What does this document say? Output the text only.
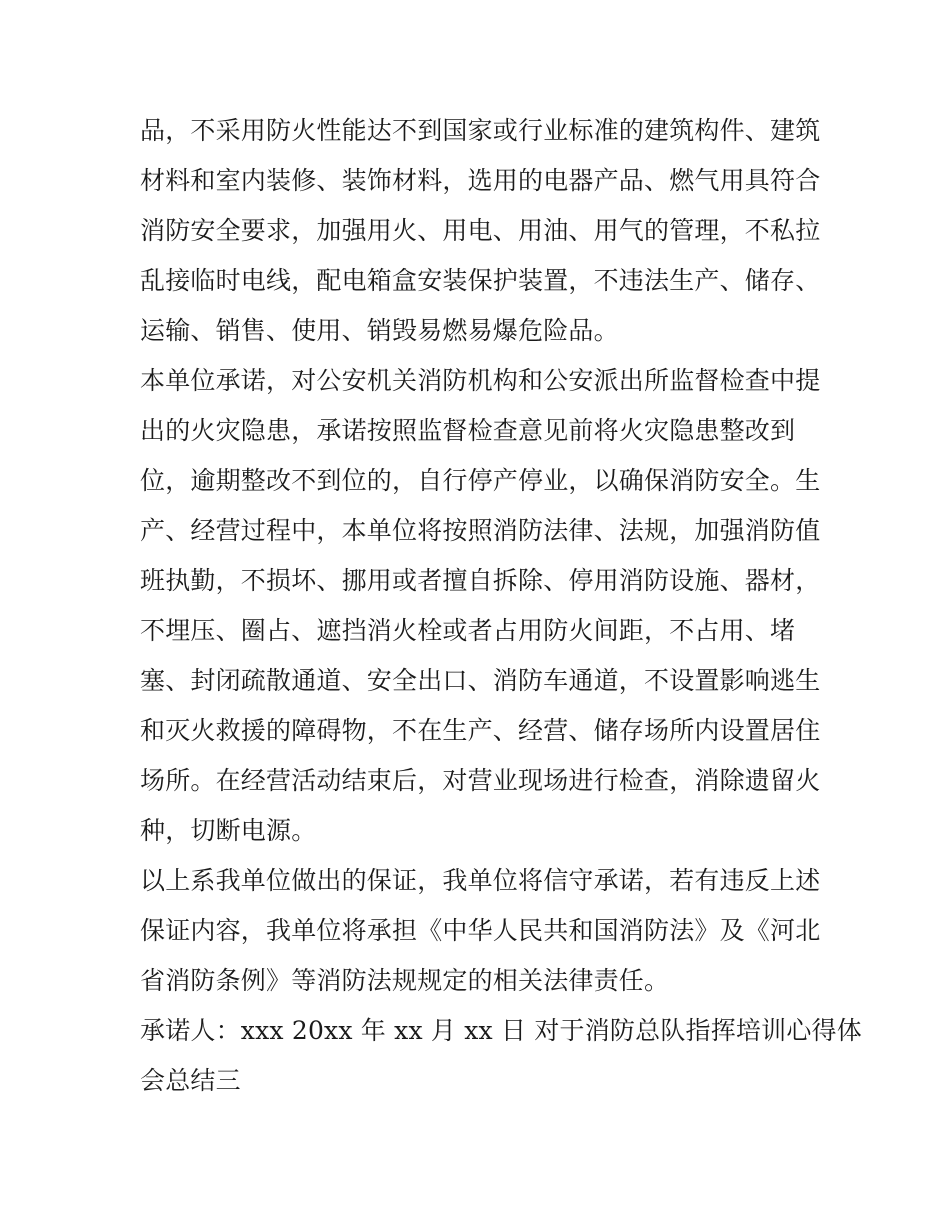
品，不采用防火性能达不到国家或行业标准的建筑构件、建筑
材料和室内装修、装饰材料，选用的电器产品、燃气用具符合
消防安全要求，加强用火、用电、用油、用气的管理，不私拉
乱接临时电线，配电箱盒安装保护装置，不违法生产、储存、
运输、销售、使用、销毁易燃易爆危险品。
本单位承诺，对公安机关消防机构和公安派出所监督检查中提
出的火灾隐患，承诺按照监督检查意见前将火灾隐患整改到
位，逾期整改不到位的，自行停产停业，以确保消防安全。生
产、经营过程中，本单位将按照消防法律、法规，加强消防值
班执勤，不损坏、挪用或者擅自拆除、停用消防设施、器材，
不埋压、圈占、遮挡消火栓或者占用防火间距，不占用、堵
塞、封闭疏散通道、安全出口、消防车通道，不设置影响逃生
和灭火救援的障碍物，不在生产、经营、储存场所内设置居住
场所。在经营活动结束后，对营业现场进行检查，消除遗留火
种，切断电源。
以上系我单位做出的保证，我单位将信守承诺，若有违反上述
保证内容，我单位将承担《中华人民共和国消防法》及《河北
省消防条例》等消防法规规定的相关法律责任。
承诺人：xxx 20xx 年 xx 月 xx 日 对于消防总队指挥培训心得体
会总结三
